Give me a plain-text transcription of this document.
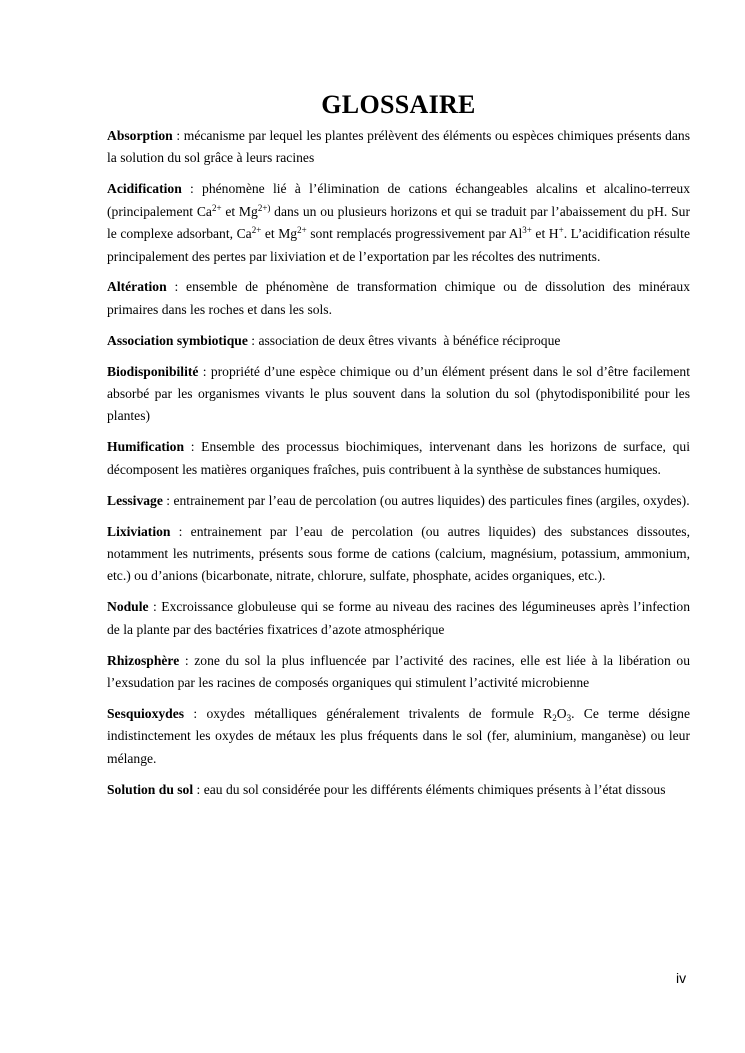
GLOSSAIRE

Absorption : mécanisme par lequel les plantes prélèvent des éléments ou espèces chimiques présents dans la solution du sol grâce à leurs racines

Acidification : phénomène lié à l’élimination de cations échangeables alcalins et alcalino-terreux (principalement $Ca^{2+}$ et $Mg^{2+)}$ dans un ou plusieurs horizons et qui se traduit par l’abaissement du pH. Sur le complexe adsorbant, $Ca^{2+}$ et $Mg^{2+}$ sont remplacés progressivement par $Al^{3+}$ et H+. L’acidification résulte principalement des pertes par lixiviation et de l’exportation par les récoltes des nutriments.

Altération : ensemble de phénomène de transformation chimique ou de dissolution des minéraux primaires dans les roches et dans les sols.

Association symbiotique : association de deux êtres vivants  à bénéfice réciproque

Biodisponibilité : propriété d’une espèce chimique ou d’un élément présent dans le sol d’être facilement absorbé par les organismes vivants le plus souvent dans la solution du sol (phytodisponibilité pour les plantes)

Humification : Ensemble des processus biochimiques, intervenant dans les horizons de surface, qui décomposent les matières organiques fraîches, puis contribuent à la synthèse de substances humiques.

Lessivage : entrainement par l’eau de percolation (ou autres liquides) des particules fines (argiles, oxydes).

Lixiviation : entrainement par l’eau de percolation (ou autres liquides) des substances dissoutes, notamment les nutriments, présents sous forme de cations (calcium, magnésium, potassium, ammonium, etc.) ou d’anions (bicarbonate, nitrate, chlorure, sulfate, phosphate, acides organiques, etc.).

Nodule : Excroissance globuleuse qui se forme au niveau des racines des légumineuses après l’infection de la plante par des bactéries fixatrices d’azote atmosphérique

Rhizosphère : zone du sol la plus influencée par l’activité des racines, elle est liée à la libération ou l’exsudation par les racines de composés organiques qui stimulent l’activité microbienne

Sesquioxydes : oxydes métalliques généralement trivalents de formule $R_2O_3$. Ce terme désigne indistinctement les oxydes de métaux les plus fréquents dans le sol (fer, aluminium, manganèse) ou leur mélange.

Solution du sol : eau du sol considérée pour les différents éléments chimiques présents à l’état dissous

iv
